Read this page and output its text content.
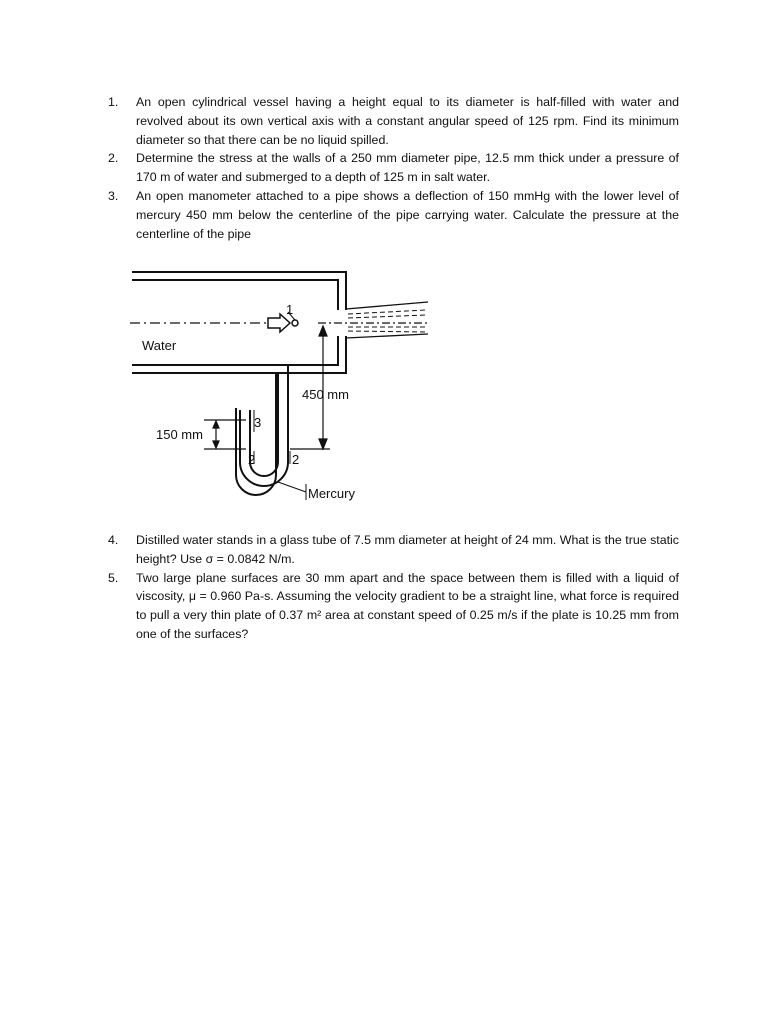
1. An open cylindrical vessel having a height equal to its diameter is half-filled with water and revolved about its own vertical axis with a constant angular speed of 125 rpm. Find its minimum diameter so that there can be no liquid spilled.
2. Determine the stress at the walls of a 250 mm diameter pipe, 12.5 mm thick under a pressure of 170 m of water and submerged to a depth of 125 m in salt water.
3. An open manometer attached to a pipe shows a deflection of 150 mmHg with the lower level of mercury 450 mm below the centerline of the pipe carrying water. Calculate the pressure at the centerline of the pipe
1
Water
450 mm
150 mm
3
2	2
Mercury
4. Distilled water stands in a glass tube of 7.5 mm diameter at height of 24 mm. What is the true static height? Use σ = 0.0842 N/m.
5. Two large plane surfaces are 30 mm apart and the space between them is filled with a liquid of viscosity, μ = 0.960 Pa-s. Assuming the velocity gradient to be a straight line, what force is required to pull a very thin plate of 0.37 m² area at constant speed of 0.25 m/s if the plate is 10.25 mm from one of the surfaces?
